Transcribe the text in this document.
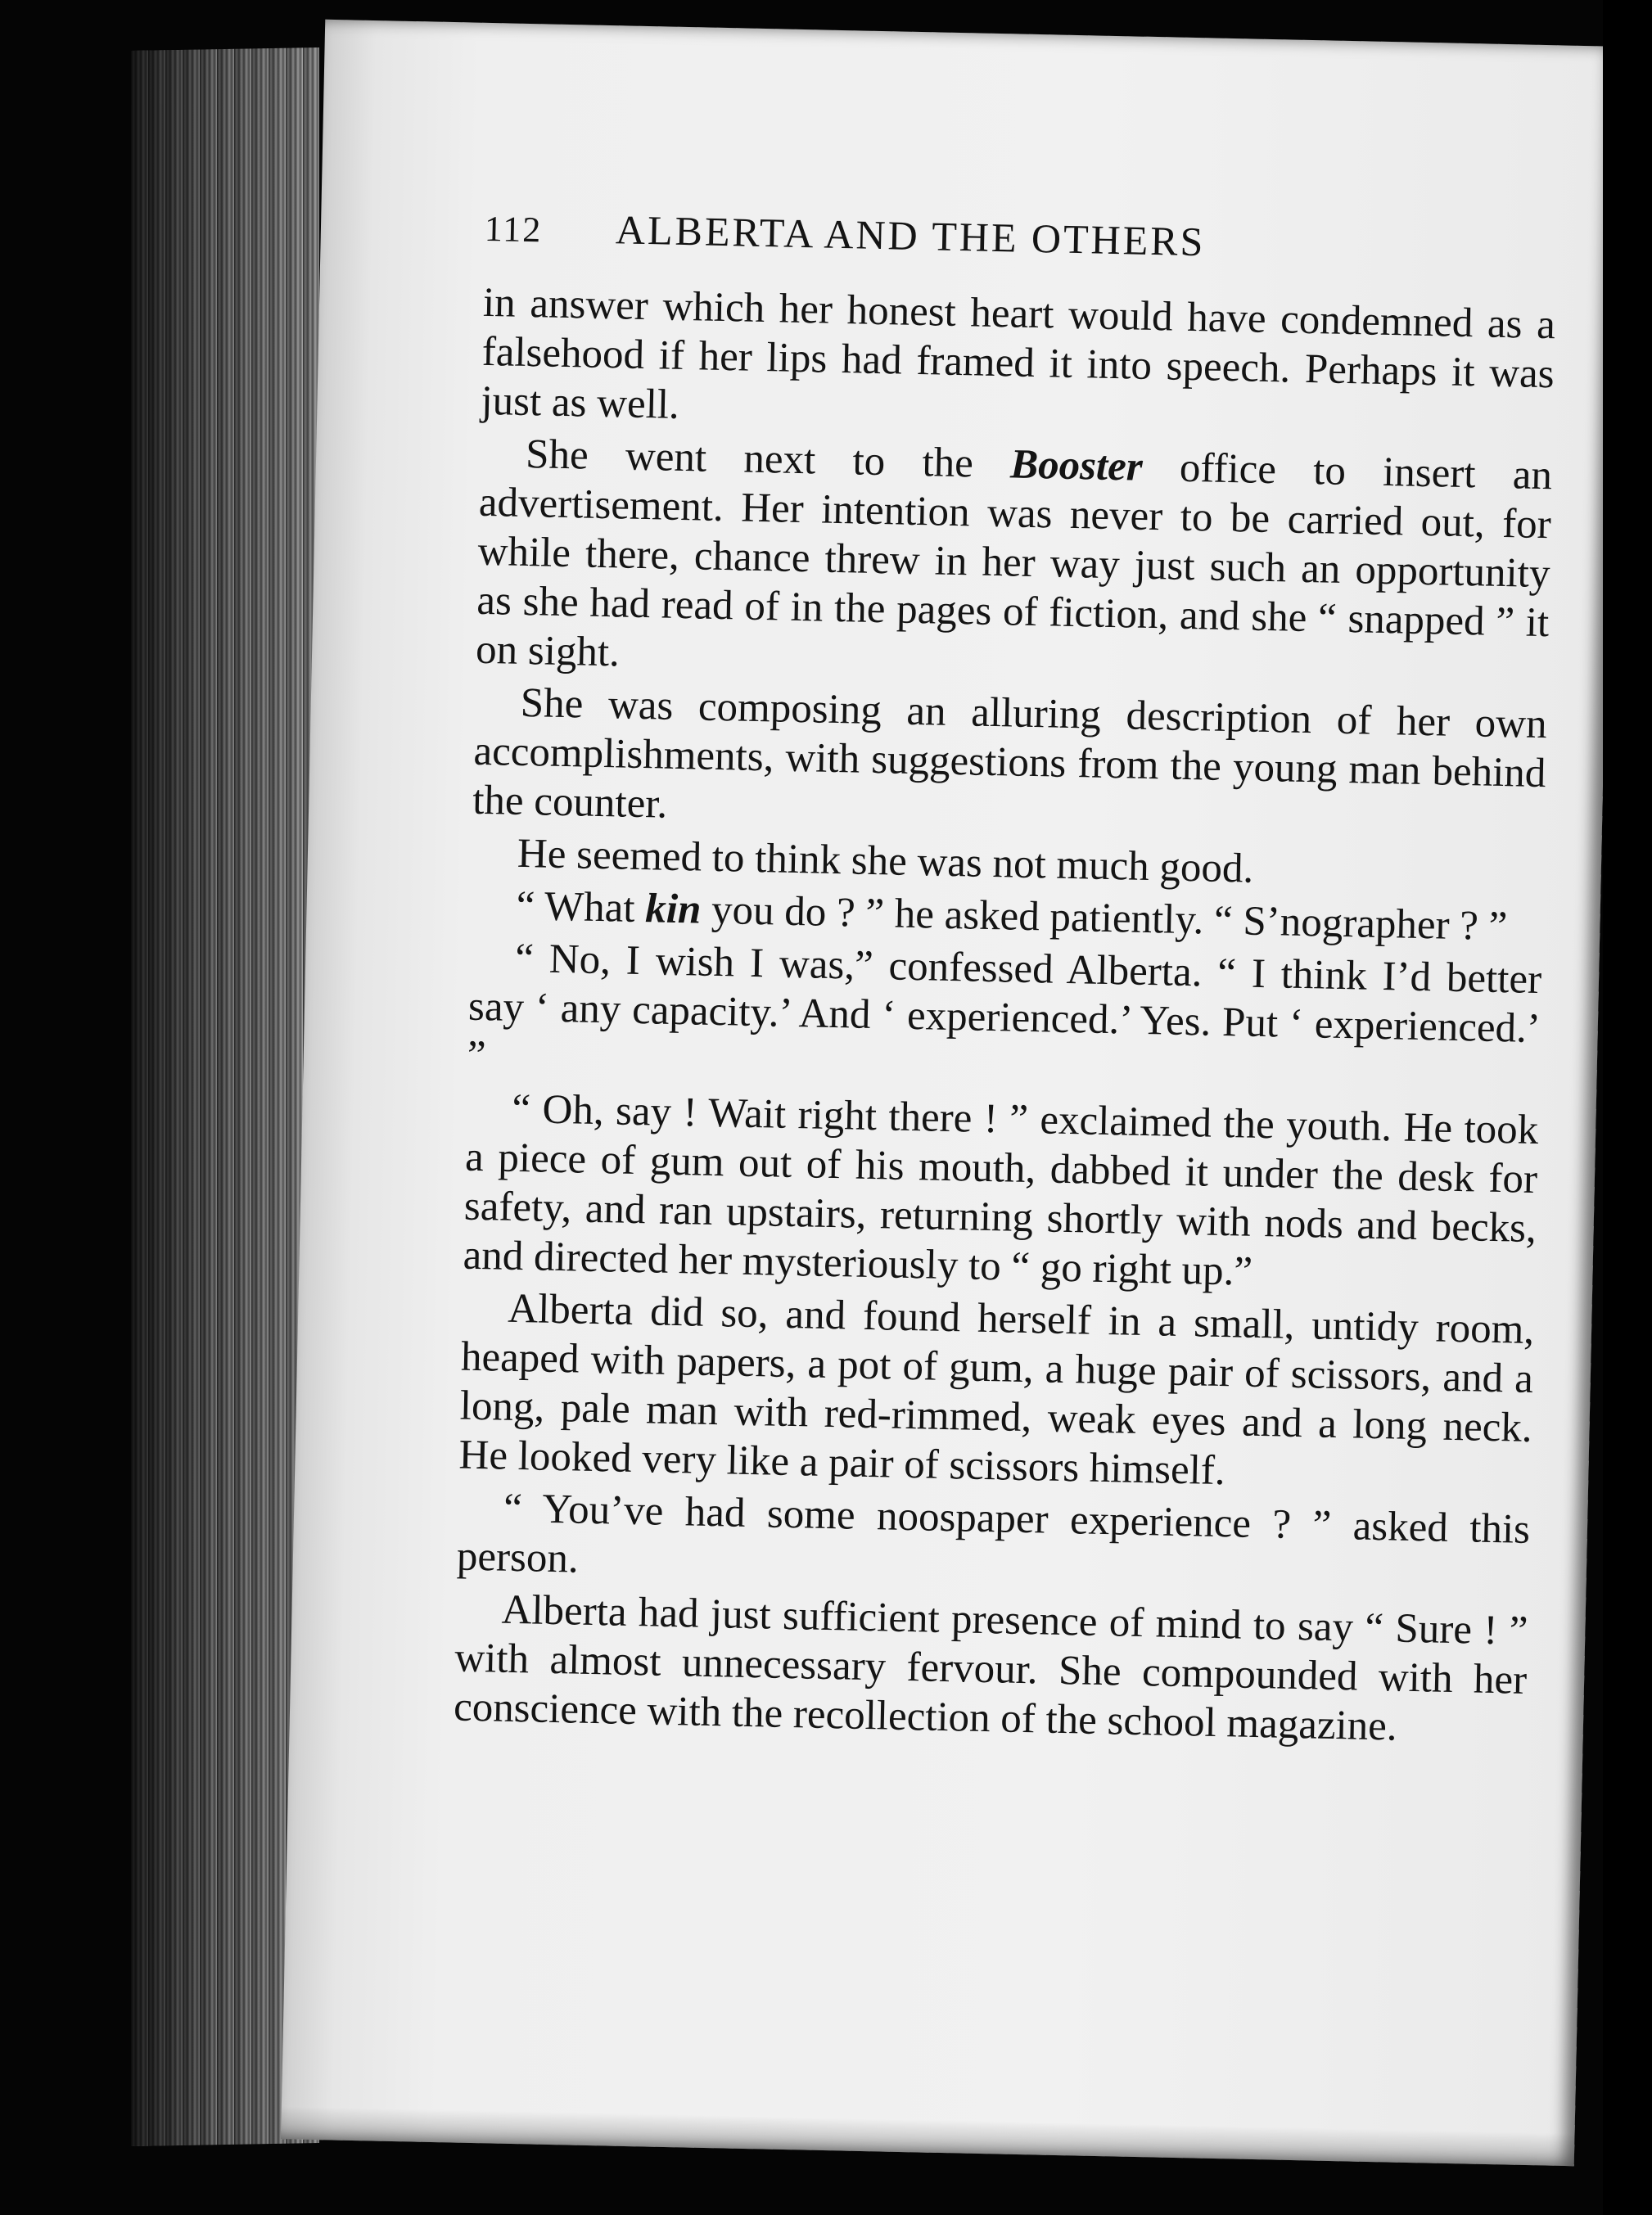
112	ALBERTA AND THE OTHERS

in answer which her honest heart would have condemned as a falsehood if her lips had framed it into speech. Perhaps it was just as well.

She went next to the Booster office to insert an advertisement. Her intention was never to be carried out, for while there, chance threw in her way just such an opportunity as she had read of in the pages of fiction, and she “ snapped ” it on sight.

She was composing an alluring description of her own accomplishments, with suggestions from the young man behind the counter.

He seemed to think she was not much good.

“ What kin you do ? ” he asked patiently. “ S’nographer ? ”

“ No, I wish I was,” confessed Alberta. “ I think I’d better say ‘ any capacity.’ And ‘ experienced.’ Yes. Put ‘ experienced.’ ”

“ Oh, say ! Wait right there ! ” exclaimed the youth. He took a piece of gum out of his mouth, dabbed it under the desk for safety, and ran upstairs, returning shortly with nods and becks, and directed her mysteriously to “ go right up.”

Alberta did so, and found herself in a small, untidy room, heaped with papers, a pot of gum, a huge pair of scissors, and a long, pale man with red-rimmed, weak eyes and a long neck. He looked very like a pair of scissors himself.

“ You’ve had some noospaper experience ? ” asked this person.

Alberta had just sufficient presence of mind to say “ Sure ! ” with almost unnecessary fervour. She compounded with her conscience with the recollection of the school magazine.
